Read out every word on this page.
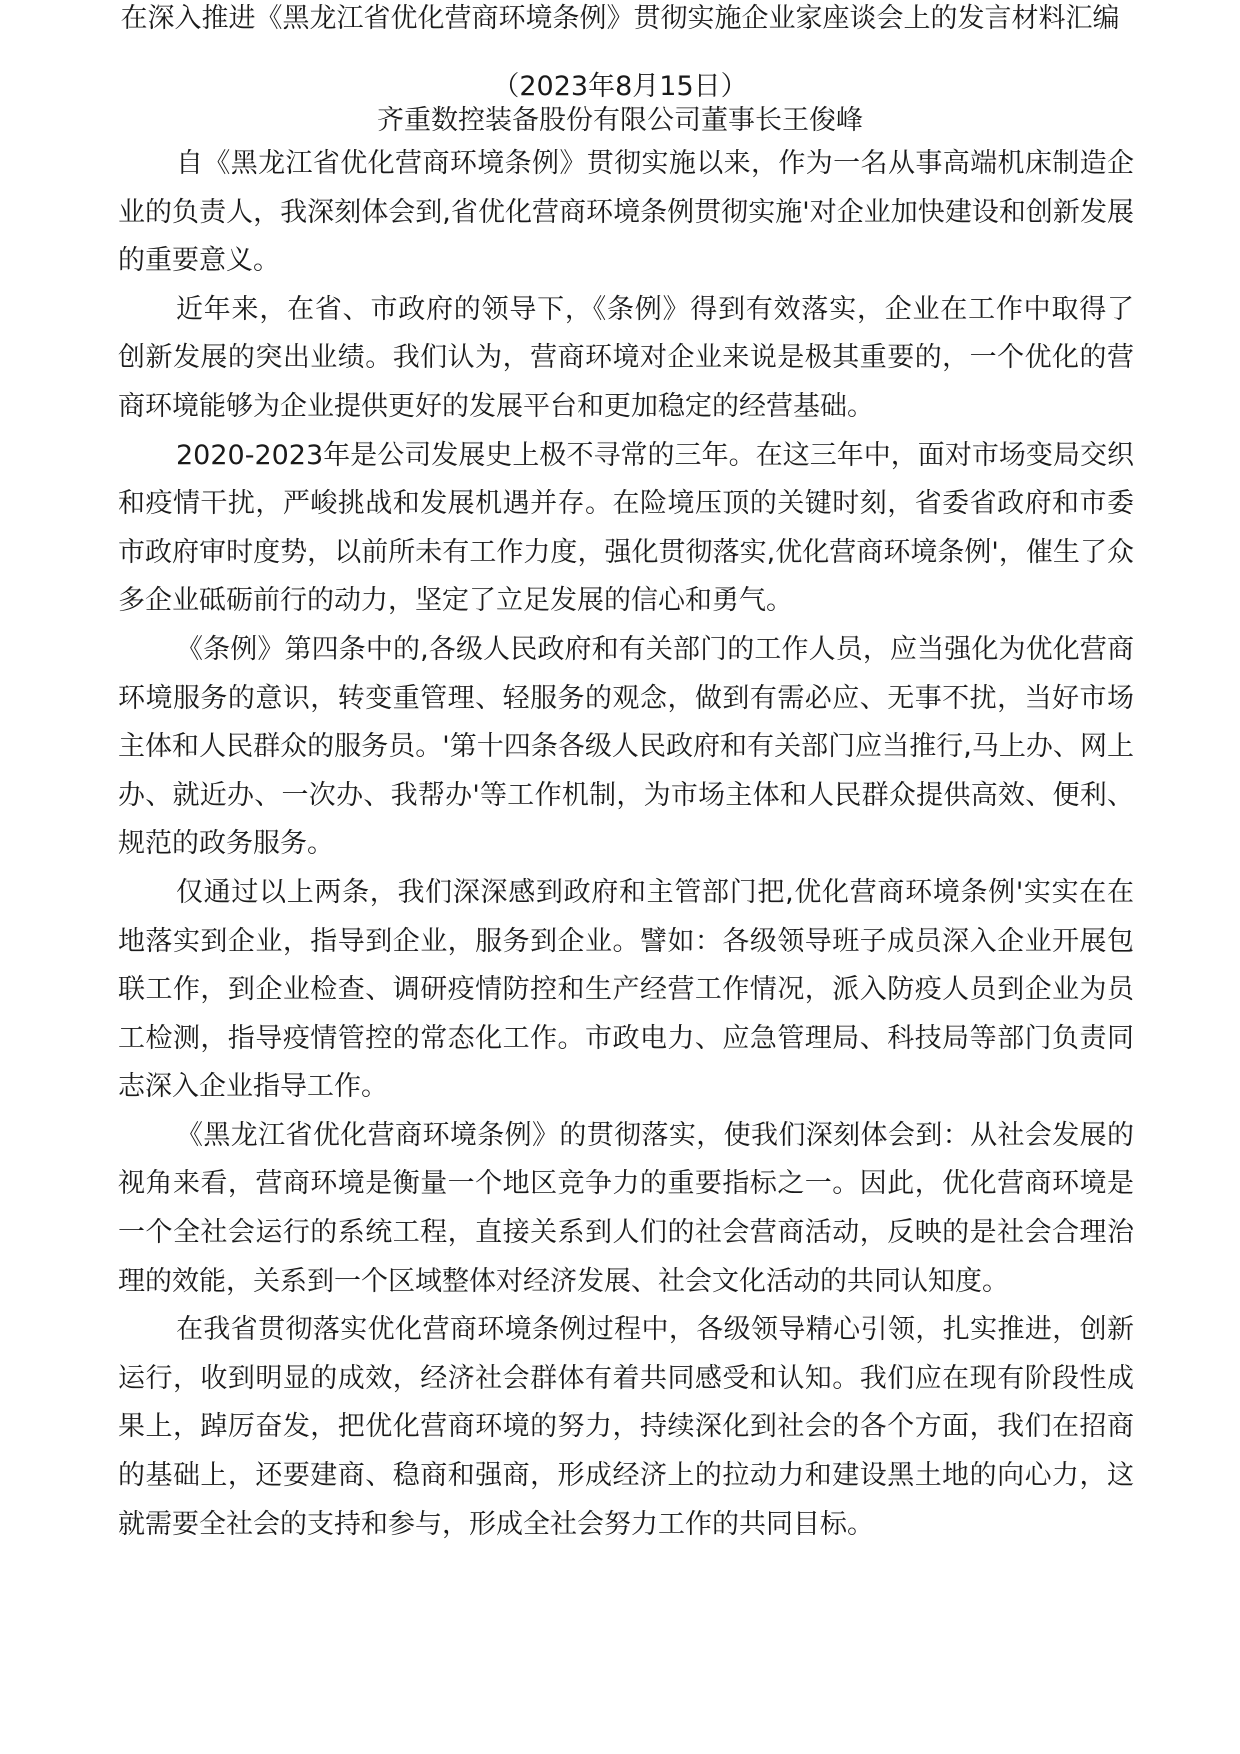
在深入推进《黑龙江省优化营商环境条例》贯彻实施企业家座谈会上的发言材料汇编

（2023年8月15日）

齐重数控装备股份有限公司董事长王俊峰

自《黑龙江省优化营商环境条例》贯彻实施以来，作为一名从事高端机床制造企业的负责人，我深刻体会到,省优化营商环境条例贯彻实施'对企业加快建设和创新发展的重要意义。

近年来，在省、市政府的领导下，《条例》得到有效落实，企业在工作中取得了创新发展的突出业绩。我们认为，营商环境对企业来说是极其重要的，一个优化的营商环境能够为企业提供更好的发展平台和更加稳定的经营基础。

2020-2023年是公司发展史上极不寻常的三年。在这三年中，面对市场变局交织和疫情干扰，严峻挑战和发展机遇并存。在险境压顶的关键时刻，省委省政府和市委市政府审时度势，以前所未有工作力度，强化贯彻落实,优化营商环境条例'，催生了众多企业砥砺前行的动力，坚定了立足发展的信心和勇气。

《条例》第四条中的,各级人民政府和有关部门的工作人员，应当强化为优化营商环境服务的意识，转变重管理、轻服务的观念，做到有需必应、无事不扰，当好市场主体和人民群众的服务员。'第十四条各级人民政府和有关部门应当推行,马上办、网上办、就近办、一次办、我帮办'等工作机制，为市场主体和人民群众提供高效、便利、规范的政务服务。

仅通过以上两条，我们深深感到政府和主管部门把,优化营商环境条例'实实在在地落实到企业，指导到企业，服务到企业。譬如：各级领导班子成员深入企业开展包联工作，到企业检查、调研疫情防控和生产经营工作情况，派入防疫人员到企业为员工检测，指导疫情管控的常态化工作。市政电力、应急管理局、科技局等部门负责同志深入企业指导工作。

《黑龙江省优化营商环境条例》的贯彻落实，使我们深刻体会到：从社会发展的视角来看，营商环境是衡量一个地区竞争力的重要指标之一。因此，优化营商环境是一个全社会运行的系统工程，直接关系到人们的社会营商活动，反映的是社会合理治理的效能，关系到一个区域整体对经济发展、社会文化活动的共同认知度。

在我省贯彻落实优化营商环境条例过程中，各级领导精心引领，扎实推进，创新运行，收到明显的成效，经济社会群体有着共同感受和认知。我们应在现有阶段性成果上，踔厉奋发，把优化营商环境的努力，持续深化到社会的各个方面，我们在招商的基础上，还要建商、稳商和强商，形成经济上的拉动力和建设黑土地的向心力，这就需要全社会的支持和参与，形成全社会努力工作的共同目标。
